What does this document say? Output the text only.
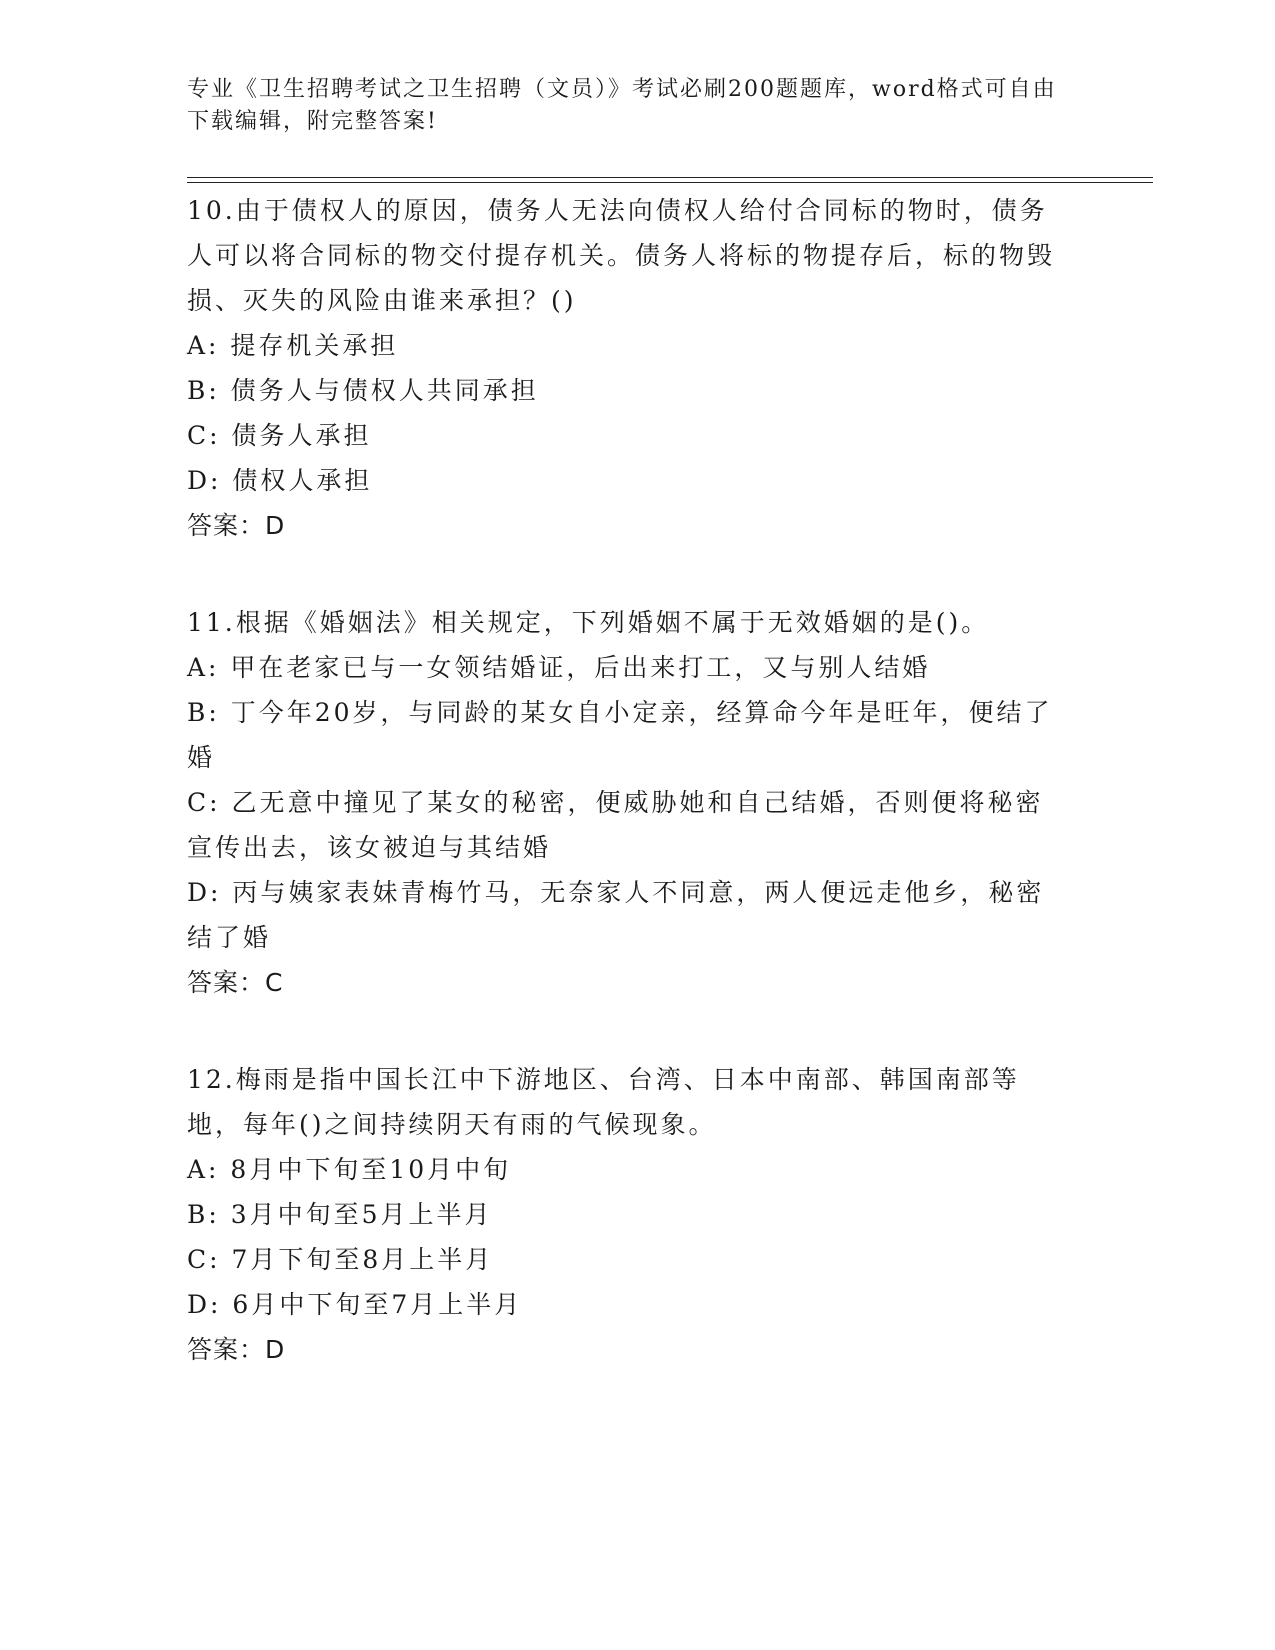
专业《卫生招聘考试之卫生招聘（文员）》考试必刷200题题库，word格式可自由下载编辑，附完整答案!

10.由于债权人的原因，债务人无法向债权人给付合同标的物时，债务人可以将合同标的物交付提存机关。债务人将标的物提存后，标的物毁损、灭失的风险由谁来承担？()

A: 提存机关承担

B: 债务人与债权人共同承担

C: 债务人承担

D: 债权人承担

答案：D

11.根据《婚姻法》相关规定，下列婚姻不属于无效婚姻的是()。

A: 甲在老家已与一女领结婚证，后出来打工，又与别人结婚

B: 丁今年20岁，与同龄的某女自小定亲，经算命今年是旺年，便结了婚

C: 乙无意中撞见了某女的秘密，便威胁她和自己结婚，否则便将秘密宣传出去，该女被迫与其结婚

D: 丙与姨家表妹青梅竹马，无奈家人不同意，两人便远走他乡，秘密结了婚

答案：C

12.梅雨是指中国长江中下游地区、台湾、日本中南部、韩国南部等地，每年()之间持续阴天有雨的气候现象。

A: 8月中下旬至10月中旬

B: 3月中旬至5月上半月

C: 7月下旬至8月上半月

D: 6月中下旬至7月上半月

答案：D
